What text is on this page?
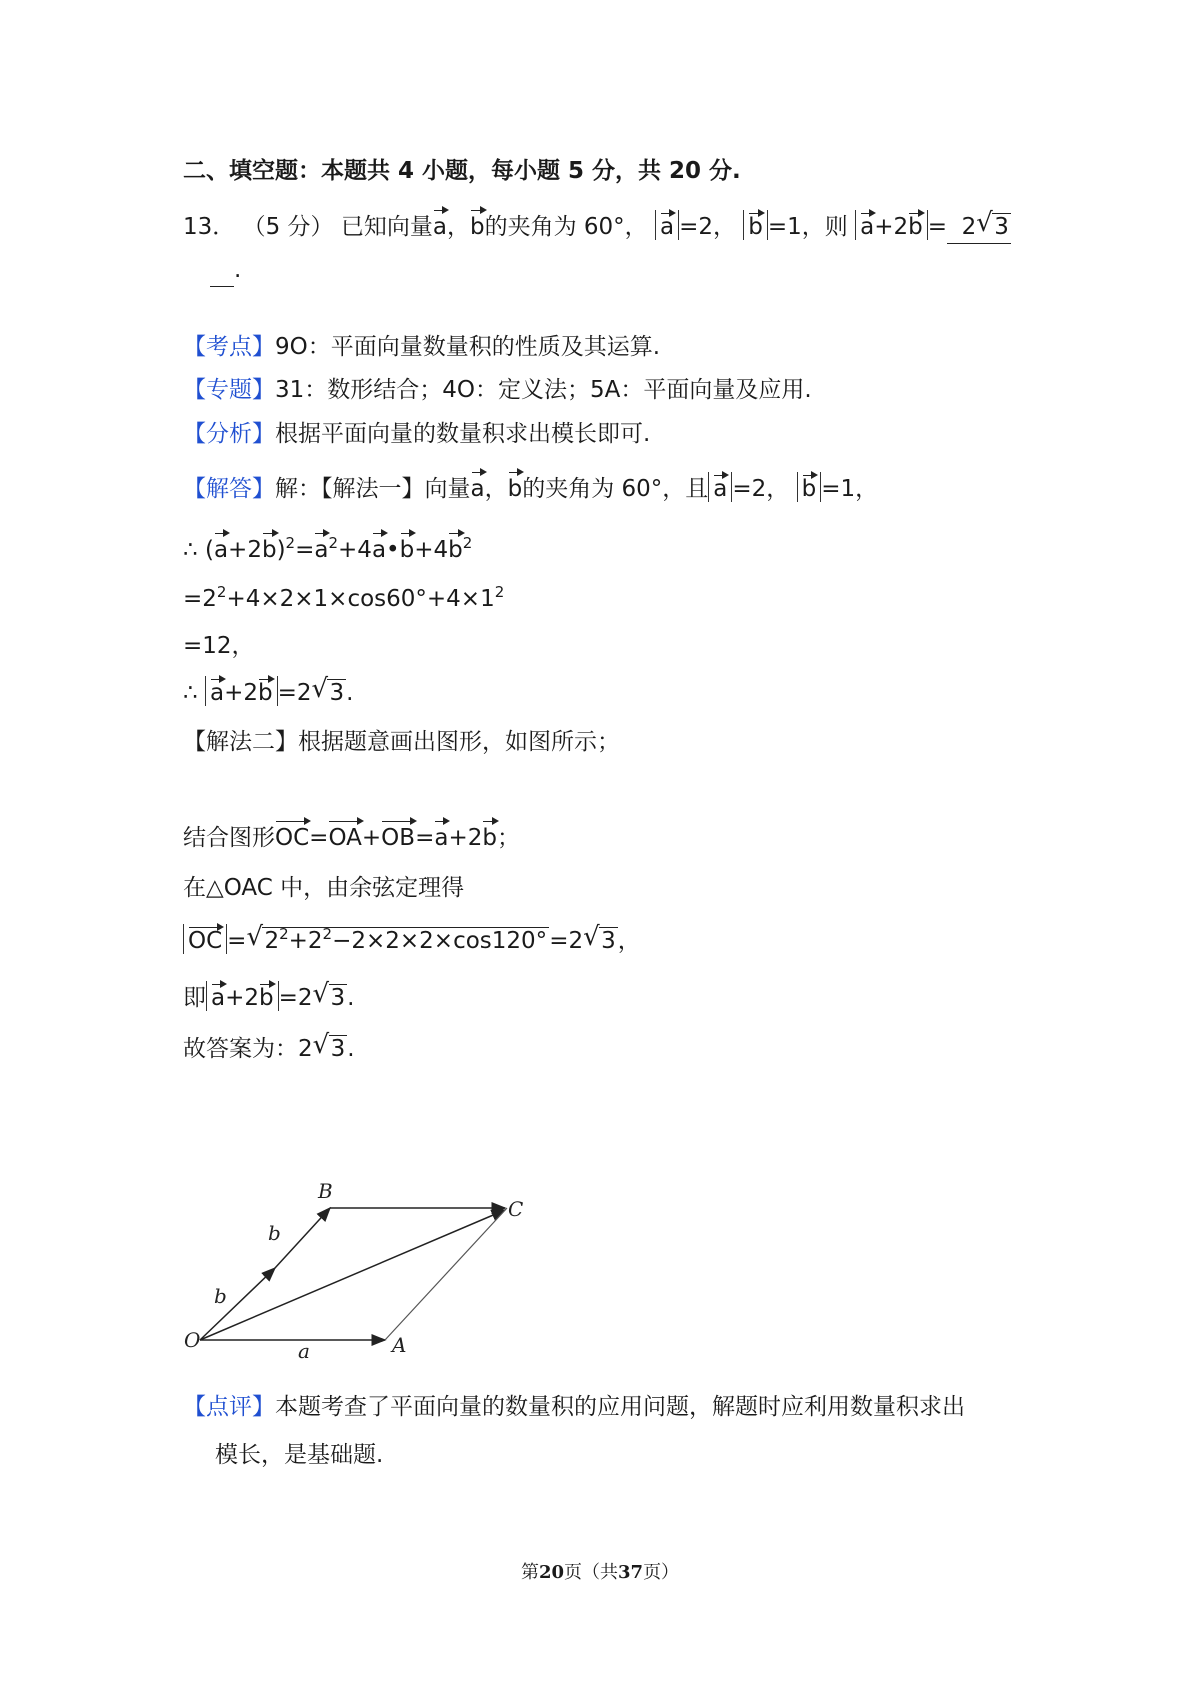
二、填空题：本题共 4 小题，每小题 5 分，共 20 分.
13． （5 分） 已知向量a，b的夹角为 60°， a =2， b =1，则 a+2b = 2√ 3
.
【考点】9O：平面向量数量积的性质及其运算.
【专题】31：数形结合；4O：定义法；5A：平面向量及应用.
【分析】根据平面向量的数量积求出模长即可.
【解答】解：【解法一】向量a，b的夹角为 60°，且 a =2， b =1，
∴ $(a+2b)^2=a^2+4a•b+4b^2$
$=2^2+4\times 2\times 1\times\cos 60^\circ+4\times 1^2$
=12，
∴ a+2b =2√ 3.
【解法二】根据题意画出图形，如图所示；
结合图形OC=OA+OB=a+2b；
在△OAC 中，由余弦定理得
OC =√ $2^2+2^2-2\times 2\times 2\times\cos 120^\circ=2√$ 3，
即 a+2b =2√ 3.
故答案为：2√ 3.
O	A
B
C
a
b
b
【点评】本题考查了平面向量的数量积的应用问题，解题时应利用数量积求出
模长，是基础题.
第20页（共37页）
